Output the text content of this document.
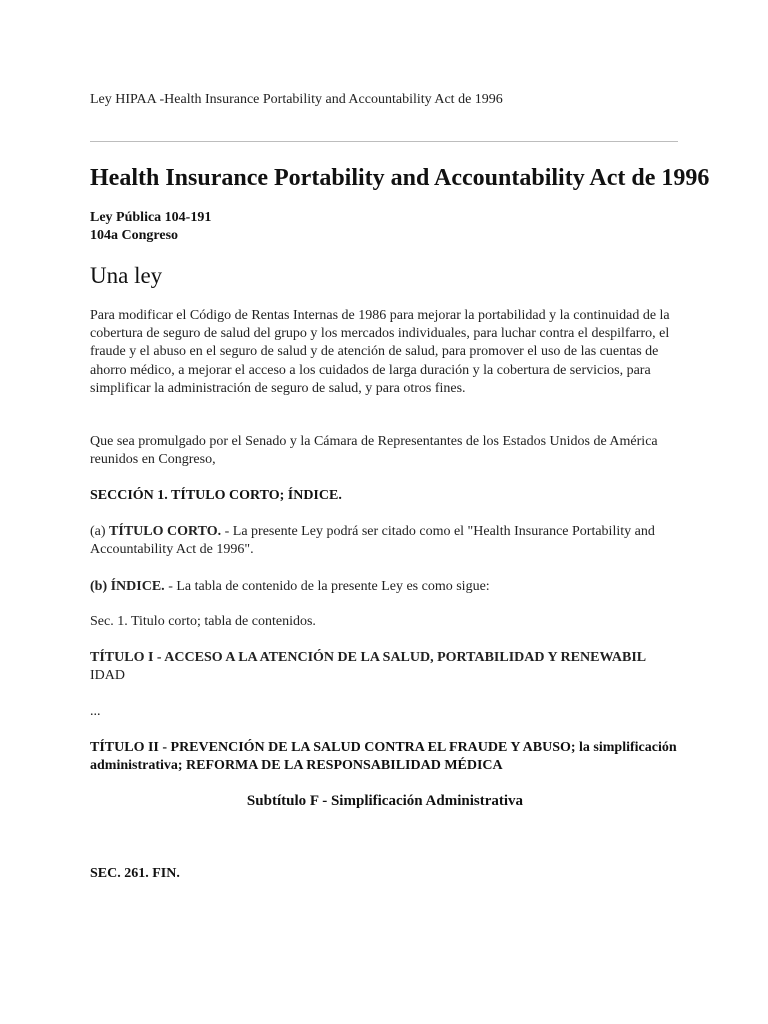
Ley HIPAA -Health Insurance Portability and Accountability Act de 1996
Health Insurance Portability and Accountability Act de 1996
Ley Pública 104-191
104a Congreso
Una ley

Para modificar el Código de Rentas Internas de 1986 para mejorar la portabilidad y la continuidad de la cobertura de seguro de salud del grupo y los mercados individuales, para luchar contra el despilfarro, el fraude y el abuso en el seguro de salud y de atención de salud, para promover el uso de las cuentas de ahorro médico, a mejorar el acceso a los cuidados de larga duración y la cobertura de servicios, para simplificar la administración de seguro de salud, y para otros fines.

Que sea promulgado por el Senado y la Cámara de Representantes de los Estados Unidos de América reunidos en Congreso,

SECCIÓN 1. TÍTULO CORTO; ÍNDICE.

(a) TÍTULO CORTO. - La presente Ley podrá ser citado como el "Health Insurance Portability and Accountability Act de 1996".

(b) ÍNDICE. - La tabla de contenido de la presente Ley es como sigue:

Sec. 1. Titulo corto; tabla de contenidos.

TÍTULO I - ACCESO A LA ATENCIÓN DE LA SALUD, PORTABILIDAD Y RENEWABIL IDAD
...
TÍTULO II - PREVENCIÓN DE LA SALUD CONTRA EL FRAUDE Y ABUSO; la simplificación administrativa; REFORMA DE LA RESPONSABILIDAD MÉDICA
Subtítulo F - Simplificación Administrativa
SEC. 261. FIN.
